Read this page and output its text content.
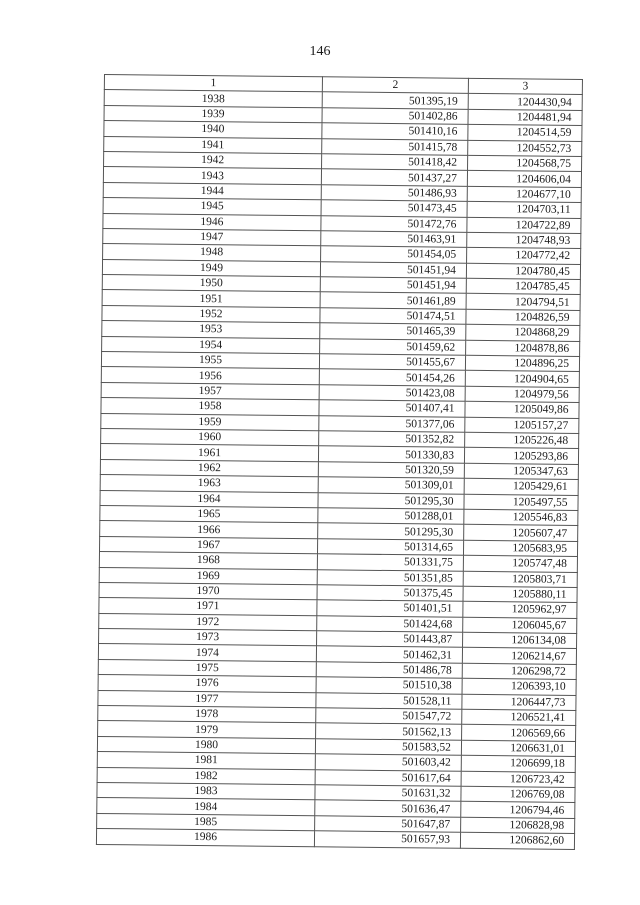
146
1	2	3
1938	501395,19	1204430,94
1939	501402,86	1204481,94
1940	501410,16	1204514,59
1941	501415,78	1204552,73
1942	501418,42	1204568,75
1943	501437,27	1204606,04
1944	501486,93	1204677,10
1945	501473,45	1204703,11
1946	501472,76	1204722,89
1947	501463,91	1204748,93
1948	501454,05	1204772,42
1949	501451,94	1204780,45
1950	501451,94	1204785,45
1951	501461,89	1204794,51
1952	501474,51	1204826,59
1953	501465,39	1204868,29
1954	501459,62	1204878,86
1955	501455,67	1204896,25
1956	501454,26	1204904,65
1957	501423,08	1204979,56
1958	501407,41	1205049,86
1959	501377,06	1205157,27
1960	501352,82	1205226,48
1961	501330,83	1205293,86
1962	501320,59	1205347,63
1963	501309,01	1205429,61
1964	501295,30	1205497,55
1965	501288,01	1205546,83
1966	501295,30	1205607,47
1967	501314,65	1205683,95
1968	501331,75	1205747,48
1969	501351,85	1205803,71
1970	501375,45	1205880,11
1971	501401,51	1205962,97
1972	501424,68	1206045,67
1973	501443,87	1206134,08
1974	501462,31	1206214,67
1975	501486,78	1206298,72
1976	501510,38	1206393,10
1977	501528,11	1206447,73
1978	501547,72	1206521,41
1979	501562,13	1206569,66
1980	501583,52	1206631,01
1981	501603,42	1206699,18
1982	501617,64	1206723,42
1983	501631,32	1206769,08
1984	501636,47	1206794,46
1985	501647,87	1206828,98
1986	501657,93	1206862,60
